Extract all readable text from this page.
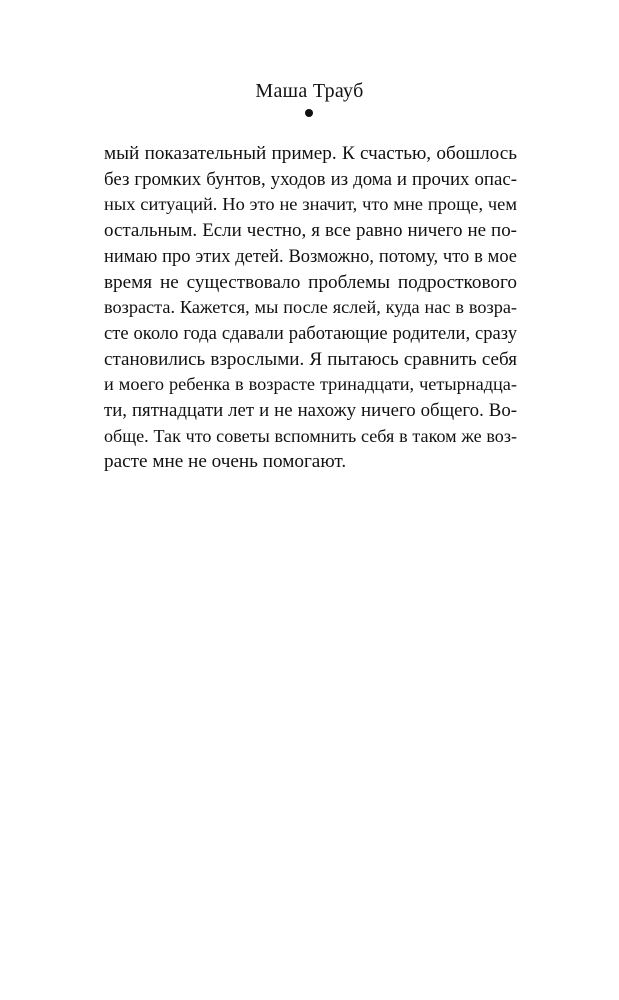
Маша Трауб
мый показательный пример. К счастью, обошлось
без громких бунтов, уходов из дома и прочих опас-
ных ситуаций. Но это не значит, что мне проще, чем
остальным. Если честно, я все равно ничего не по-
нимаю про этих детей. Возможно, потому, что в мое
время не существовало проблемы подросткового
возраста. Кажется, мы после яслей, куда нас в возра-
сте около года сдавали работающие родители, сразу
становились взрослыми. Я пытаюсь сравнить себя
и моего ребенка в возрасте тринадцати, четырнадца-
ти, пятнадцати лет и не нахожу ничего общего. Во-
обще. Так что советы вспомнить себя в таком же воз-
расте мне не очень помогают.
